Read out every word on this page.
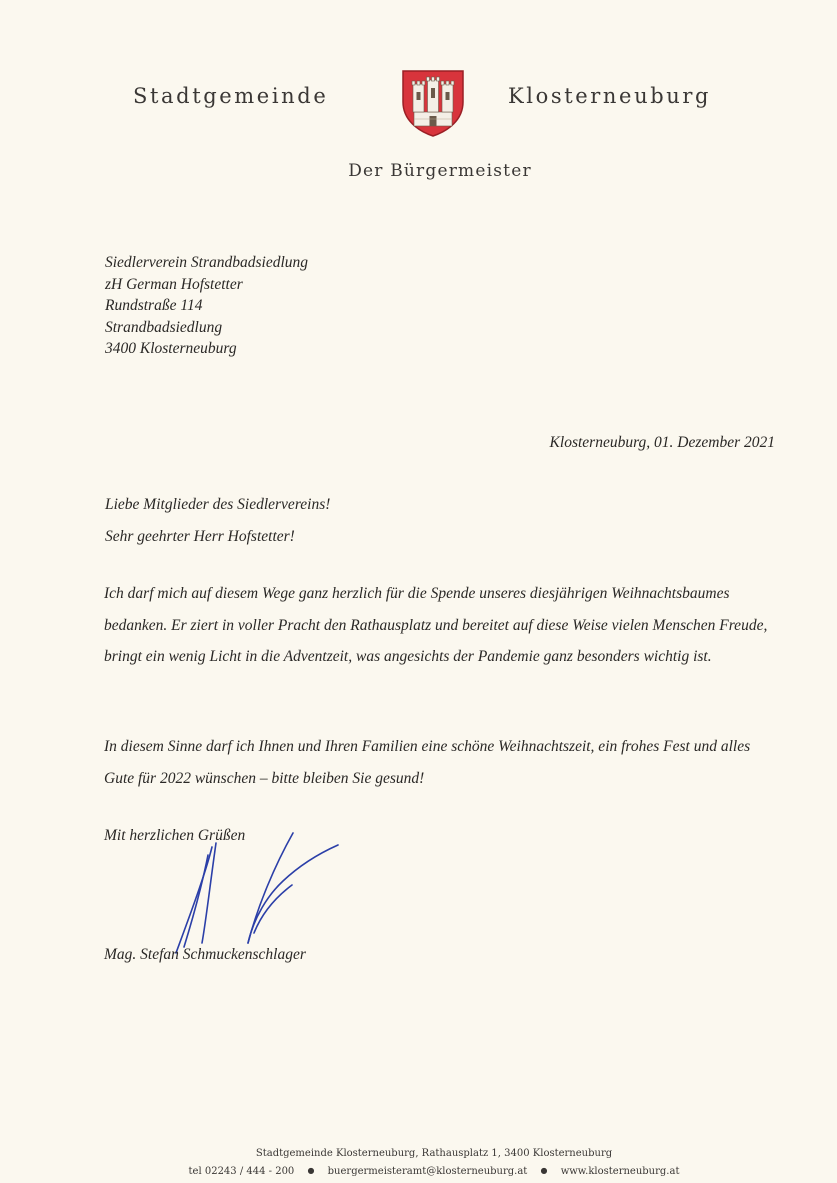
Stadtgemeinde	Klosterneuburg
Der Bürgermeister
Siedlerverein Strandbadsiedlung
zH German Hofstetter
Rundstraße 114
Strandbadsiedlung
3400 Klosterneuburg
Klosterneuburg, 01. Dezember 2021
Liebe Mitglieder des Siedlervereins!
Sehr geehrter Herr Hofstetter!
Ich darf mich auf diesem Wege ganz herzlich für die Spende unseres diesjährigen Weihnachtsbaumes bedanken. Er ziert in voller Pracht den Rathausplatz und bereitet auf diese Weise vielen Menschen Freude, bringt ein wenig Licht in die Adventzeit, was angesichts der Pandemie ganz besonders wichtig ist.
In diesem Sinne darf ich Ihnen und Ihren Familien eine schöne Weihnachtszeit, ein frohes Fest und alles Gute für 2022 wünschen – bitte bleiben Sie gesund!
Mit herzlichen Grüßen
Mag. Stefan Schmuckenschlager
Stadtgemeinde Klosterneuburg, Rathausplatz 1, 3400 Klosterneuburg
tel 02243 / 444 - 200 ● buergermeisteramt@klosterneuburg.at ● www.klosterneuburg.at
